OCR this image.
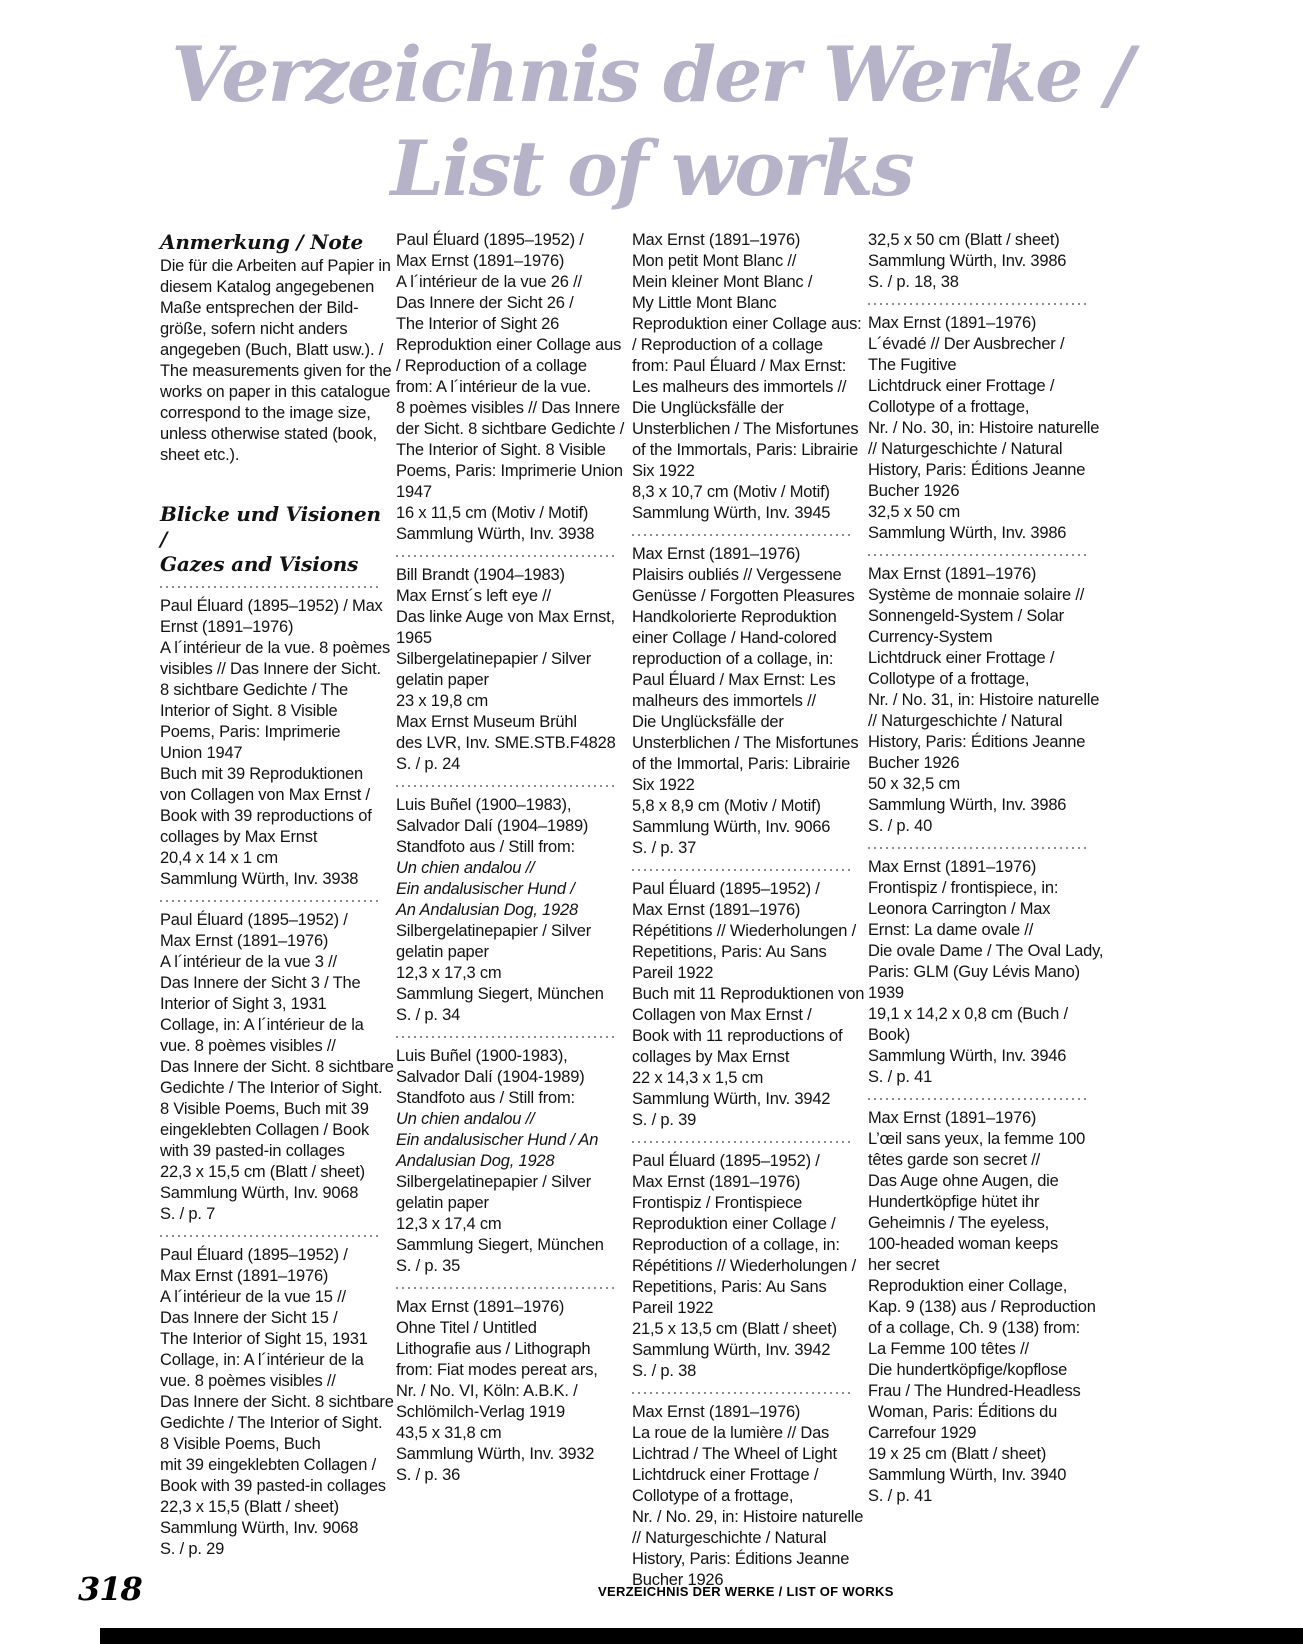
Verzeichnis der Werke /
List of works
Anmerkung / Note
Die für die Arbeiten auf Papier in
diesem Katalog angegebenen
Maße entsprechen der Bild-
größe, sofern nicht anders
angegeben (Buch, Blatt usw.). /
The measurements given for the
works on paper in this catalogue
correspond to the image size,
unless otherwise stated (book,
sheet etc.).
Blicke und Visionen /
Gazes and Visions
Paul Éluard (1895–1952) / Max
Ernst (1891–1976)
A l´intérieur de la vue. 8 poèmes
visibles // Das Innere der Sicht.
8 sichtbare Gedichte / The
Interior of Sight. 8 Visible
Poems, Paris: Imprimerie
Union 1947
Buch mit 39 Reproduktionen
von Collagen von Max Ernst /
Book with 39 reproductions of
collages by Max Ernst
20,4 x 14 x 1 cm
Sammlung Würth, Inv. 3938
Paul Éluard (1895–1952) /
Max Ernst (1891–1976)
A l´intérieur de la vue 3 //
Das Innere der Sicht 3 / The
Interior of Sight 3, 1931
Collage, in: A l´intérieur de la
vue. 8 poèmes visibles //
Das Innere der Sicht. 8 sichtbare
Gedichte / The Interior of Sight.
8 Visible Poems, Buch mit 39
eingeklebten Collagen / Book
with 39 pasted-in collages
22,3 x 15,5 cm (Blatt / sheet)
Sammlung Würth, Inv. 9068
S. / p. 7
Paul Éluard (1895–1952) /
Max Ernst (1891–1976)
A l´intérieur de la vue 15 //
Das Innere der Sicht 15 /
The Interior of Sight 15, 1931
Collage, in: A l´intérieur de la
vue. 8 poèmes visibles //
Das Innere der Sicht. 8 sichtbare
Gedichte / The Interior of Sight.
8 Visible Poems, Buch
mit 39 eingeklebten Collagen /
Book with 39 pasted-in collages
22,3 x 15,5 (Blatt / sheet)
Sammlung Würth, Inv. 9068
S. / p. 29
Paul Éluard (1895–1952) /
Max Ernst (1891–1976)
A l´intérieur de la vue 26 //
Das Innere der Sicht 26 /
The Interior of Sight 26
Reproduktion einer Collage aus
/ Reproduction of a collage
from: A l´intérieur de la vue.
8 poèmes visibles // Das Innere
der Sicht. 8 sichtbare Gedichte /
The Interior of Sight. 8 Visible
Poems, Paris: Imprimerie Union
1947
16 x 11,5 cm (Motiv / Motif)
Sammlung Würth, Inv. 3938
Bill Brandt (1904–1983)
Max Ernst´s left eye //
Das linke Auge von Max Ernst,
1965
Silbergelatinepapier / Silver
gelatin paper
23 x 19,8 cm
Max Ernst Museum Brühl
des LVR, Inv. SME.STB.F4828
S. / p. 24
Luis Buñel (1900–1983),
Salvador Dalí (1904–1989)
Standfoto aus / Still from:
Un chien andalou //
Ein andalusischer Hund /
An Andalusian Dog, 1928
Silbergelatinepapier / Silver
gelatin paper
12,3 x 17,3 cm
Sammlung Siegert, München
S. / p. 34
Luis Buñel (1900-1983),
Salvador Dalí (1904-1989)
Standfoto aus / Still from:
Un chien andalou //
Ein andalusischer Hund / An
Andalusian Dog, 1928
Silbergelatinepapier / Silver
gelatin paper
12,3 x 17,4 cm
Sammlung Siegert, München
S. / p. 35
Max Ernst (1891–1976)
Ohne Titel / Untitled
Lithografie aus / Lithograph
from: Fiat modes pereat ars,
Nr. / No. VI, Köln: A.B.K. /
Schlömilch-Verlag 1919
43,5 x 31,8 cm
Sammlung Würth, Inv. 3932
S. / p. 36
Max Ernst (1891–1976)
Mon petit Mont Blanc //
Mein kleiner Mont Blanc /
My Little Mont Blanc
Reproduktion einer Collage aus:
/ Reproduction of a collage
from: Paul Éluard / Max Ernst:
Les malheurs des immortels //
Die Unglücksfälle der
Unsterblichen / The Misfortunes
of the Immortals, Paris: Librairie
Six 1922
8,3 x 10,7 cm (Motiv / Motif)
Sammlung Würth, Inv. 3945
Max Ernst (1891–1976)
Plaisirs oubliés // Vergessene
Genüsse / Forgotten Pleasures
Handkolorierte Reproduktion
einer Collage / Hand-colored
reproduction of a collage, in:
Paul Éluard / Max Ernst: Les
malheurs des immortels //
Die Unglücksfälle der
Unsterblichen / The Misfortunes
of the Immortal, Paris: Librairie
Six 1922
5,8 x 8,9 cm (Motiv / Motif)
Sammlung Würth, Inv. 9066
S. / p. 37
Paul Éluard (1895–1952) /
Max Ernst (1891–1976)
Répétitions // Wiederholungen /
Repetitions, Paris: Au Sans
Pareil 1922
Buch mit 11 Reproduktionen von
Collagen von Max Ernst /
Book with 11 reproductions of
collages by Max Ernst
22 x 14,3 x 1,5 cm
Sammlung Würth, Inv. 3942
S. / p. 39
Paul Éluard (1895–1952) /
Max Ernst (1891–1976)
Frontispiz / Frontispiece
Reproduktion einer Collage /
Reproduction of a collage, in:
Répétitions // Wiederholungen /
Repetitions, Paris: Au Sans
Pareil 1922
21,5 x 13,5 cm (Blatt / sheet)
Sammlung Würth, Inv. 3942
S. / p. 38
Max Ernst (1891–1976)
La roue de la lumière // Das
Lichtrad / The Wheel of Light
Lichtdruck einer Frottage /
Collotype of a frottage,
Nr. / No. 29, in: Histoire naturelle
// Naturgeschichte / Natural
History, Paris: Éditions Jeanne
Bucher 1926
32,5 x 50 cm (Blatt / sheet)
Sammlung Würth, Inv. 3986
S. / p. 18, 38
Max Ernst (1891–1976)
L´évadé // Der Ausbrecher /
The Fugitive
Lichtdruck einer Frottage /
Collotype of a frottage,
Nr. / No. 30, in: Histoire naturelle
// Naturgeschichte / Natural
History, Paris: Éditions Jeanne
Bucher 1926
32,5 x 50 cm
Sammlung Würth, Inv. 3986
Max Ernst (1891–1976)
Système de monnaie solaire //
Sonnengeld-System / Solar
Currency-System
Lichtdruck einer Frottage /
Collotype of a frottage,
Nr. / No. 31, in: Histoire naturelle
// Naturgeschichte / Natural
History, Paris: Éditions Jeanne
Bucher 1926
50 x 32,5 cm
Sammlung Würth, Inv. 3986
S. / p. 40
Max Ernst (1891–1976)
Frontispiz / frontispiece, in:
Leonora Carrington / Max
Ernst: La dame ovale //
Die ovale Dame / The Oval Lady,
Paris: GLM (Guy Lévis Mano)
1939
19,1 x 14,2 x 0,8 cm (Buch /
Book)
Sammlung Würth, Inv. 3946
S. / p. 41
Max Ernst (1891–1976)
L’œil sans yeux, la femme 100
têtes garde son secret //
Das Auge ohne Augen, die
Hundertköpfige hütet ihr
Geheimnis / The eyeless,
100-headed woman keeps
her secret
Reproduktion einer Collage,
Kap. 9 (138) aus / Reproduction
of a collage, Ch. 9 (138) from:
La Femme 100 têtes //
Die hundertköpfige/kopflose
Frau / The Hundred-Headless
Woman, Paris: Éditions du
Carrefour 1929
19 x 25 cm (Blatt / sheet)
Sammlung Würth, Inv. 3940
S. / p. 41
318	VERZEICHNIS DER WERKE / LIST OF WORKS
